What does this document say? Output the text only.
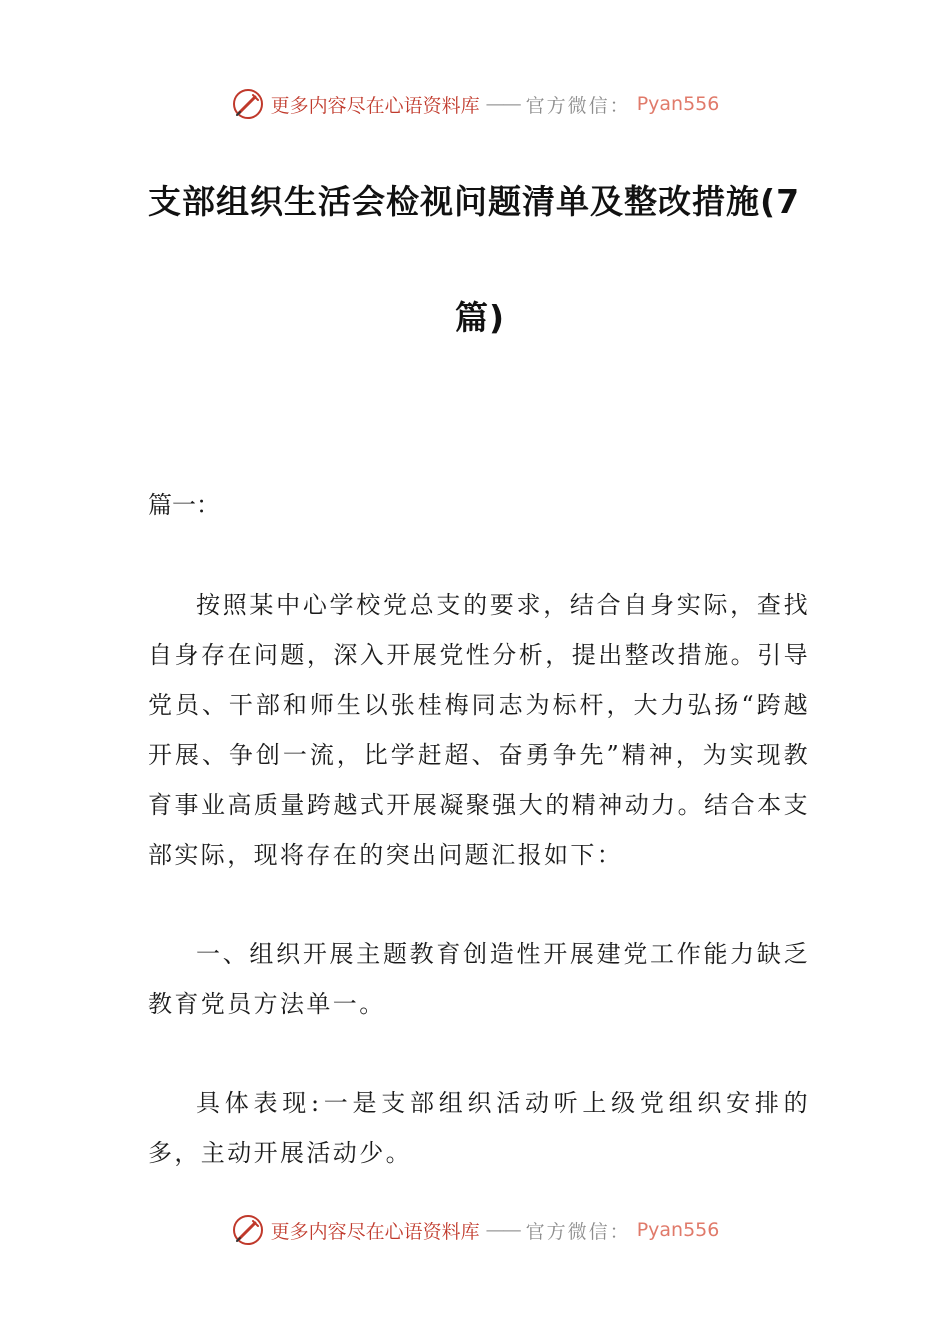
更多内容尽在心语资料库 —— 官方微信： Pyan556
支部组织生活会检视问题清单及整改措施(7
篇)
篇一：

按照某中心学校党总支的要求，结合自身实际，查找自身存在问题，深入开展党性分析，提出整改措施。引导党员、干部和师生以张桂梅同志为标杆，大力弘扬“跨越开展、争创一流，比学赶超、奋勇争先”精神，为实现教育事业高质量跨越式开展凝聚强大的精神动力。结合本支部实际，现将存在的突出问题汇报如下：

一、组织开展主题教育创造性开展建党工作能力缺乏教育党员方法单一。

具体表现:一是支部组织活动听上级党组织安排的多，主动开展活动少。

更多内容尽在心语资料库 —— 官方微信： Pyan556
